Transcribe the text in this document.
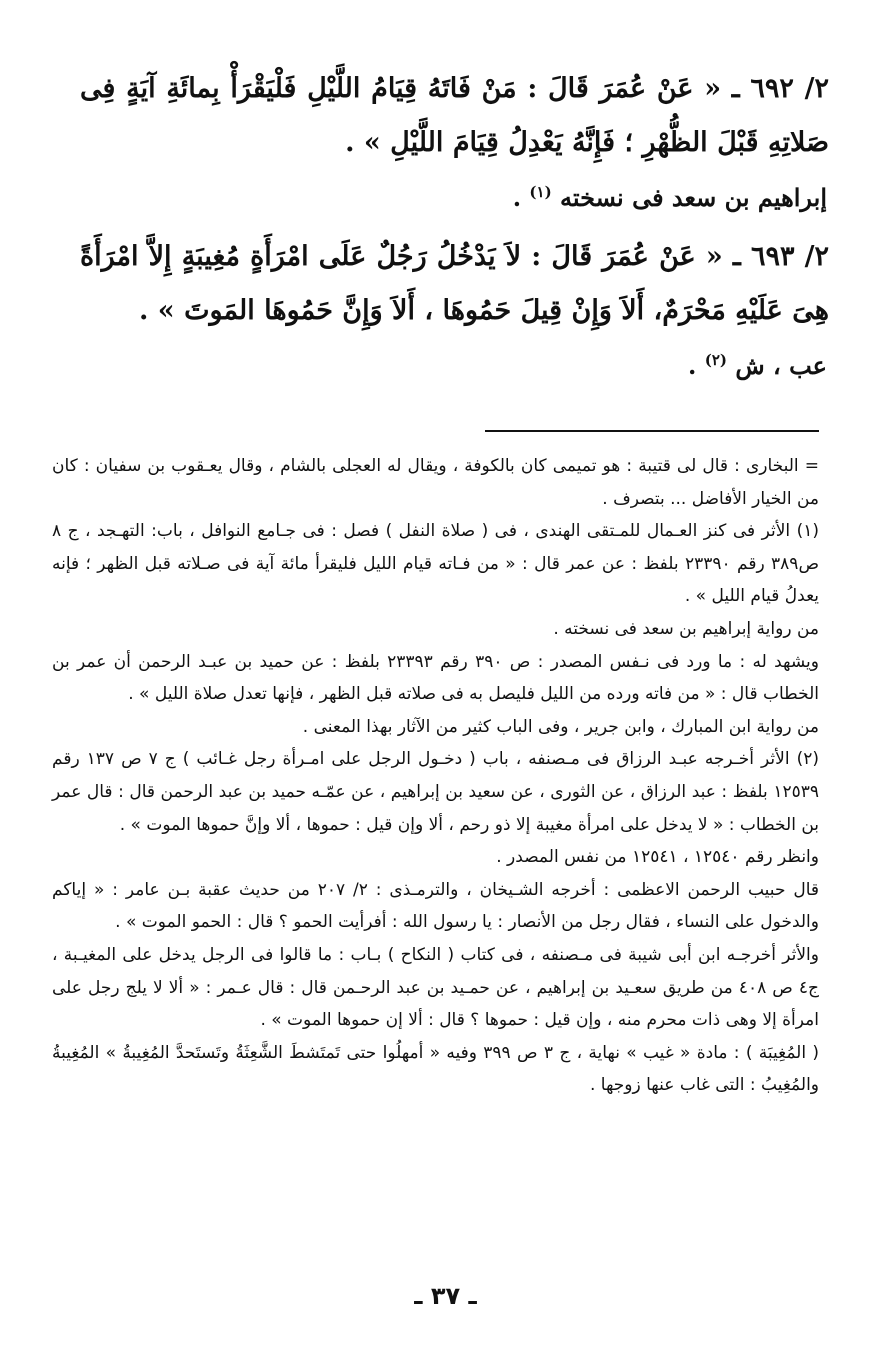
٢/ ٦٩٢ ـ « عَنْ عُمَرَ قَالَ : مَنْ فَاتَهُ قِيَامُ اللَّيْلِ فَلْيَقْرَأْ بِمائَةِ آيَةٍ فِى صَلاتِهِ قَبْلَ الظُّهْرِ ؛ فَإِنَّهُ يَعْدِلُ قِيَامَ اللَّيْلِ » .

إبراهيم بن سعد فى نسخته $^{(١)}$ .

٢/ ٦٩٣ ـ « عَنْ عُمَرَ قَالَ : لاَ يَدْخُلُ رَجُلٌ عَلَى امْرَأَةٍ مُغِيبَةٍ إِلاَّ امْرَأَةً هِىَ عَلَيْهِ مَحْرَمٌ، أَلاَ وَإِنْ قِيلَ حَمُوهَا ، أَلاَ وَإِنَّ حَمُوهَا المَوتَ » .

عب ، ش $^{(٢)}$ .

= البخارى : قال لى قتيبة : هو تميمى كان بالكوفة ، ويقال له العجلى بالشام ، وقال يعـقوب بن سفيان : كان من الخيار الأفاضل ... بتصرف .

(١) الأثر فى كنز العـمال للمـتقى الهندى ، فى ( صلاة النفل ) فصل : فى جـامع النوافل ، باب: التهـجد ، ج ٨ ص٣٨٩ رقم ٢٣٣٩٠ بلفظ : عن عمر قال : « من فـاته قيام الليل فليقرأ مائة آية فى صـلاته قبل الظهر ؛ فإنه يعدلُ قيام الليل » .

من رواية إبراهيم بن سعد فى نسخته .

ويشهد له : ما ورد فى نـفس المصدر : ص ٣٩٠ رقم ٢٣٣٩٣ بلفظ : عن حميد بن عبـد الرحمن أن عمر بن الخطاب قال : « من فاته ورده من الليل فليصل به فى صلاته قبل الظهر ، فإنها تعدل صلاة الليل » .

من رواية ابن المبارك ، وابن جرير ، وفى الباب كثير من الآثار بهذا المعنى .

(٢) الأثر أخـرجه عبـد الرزاق فى مـصنفه ، باب ( دخـول الرجل على امـرأة رجل غـائب ) ج ٧ ص ١٣٧ رقم ١٢٥٣٩ بلفظ : عبد الرزاق ، عن الثورى ، عن سعيد بن إبراهيم ، عن عمّـه حميد بن عبد الرحمن قال : قال عمر بن الخطاب : « لا يدخل على امرأة مغيبة إلا ذو رحم ، ألا وإن قيل : حموها ، ألا وإنَّ حموها الموت » .

وانظر رقم ١٢٥٤٠ ، ١٢٥٤١ من نفس المصدر .

قال حبيب الرحمن الاعظمى : أخرجه الشـيخان ، والترمـذى : ٢/ ٢٠٧ من حديث عقبة بـن عامر : « إياكم والدخول على النساء ، فقال رجل من الأنصار : يا رسول الله : أفرأيت الحمو ؟ قال : الحمو الموت » .

والأثر أخرجـه ابن أبى شيبة فى مـصنفه ، فى كتاب ( النكاح ) بـاب : ما قالوا فى الرجل يدخل على المغيـبة ، ج٤ ص ٤٠٨ من طريق سعـيد بن إبراهيم ، عن حمـيد بن عبد الرحـمن قال : قال عـمر : « ألا لا يلج رجل على امرأة إلا وهى ذات محرم منه ، وإن قيل : حموها ؟ قال : ألا إن حموها الموت » .

( المُغِيبَة ) : مادة « غيب » نهاية ، ج ٣ ص ٣٩٩ وفيه « أمهلُوا حتى تَمتَشطَ الشَّعِثَةُ وتَستَحدَّ المُغِيبةُ » المُغِيبةُ والمُغِيبُ : التى غاب عنها زوجها .

ـ ٣٧ ـ
